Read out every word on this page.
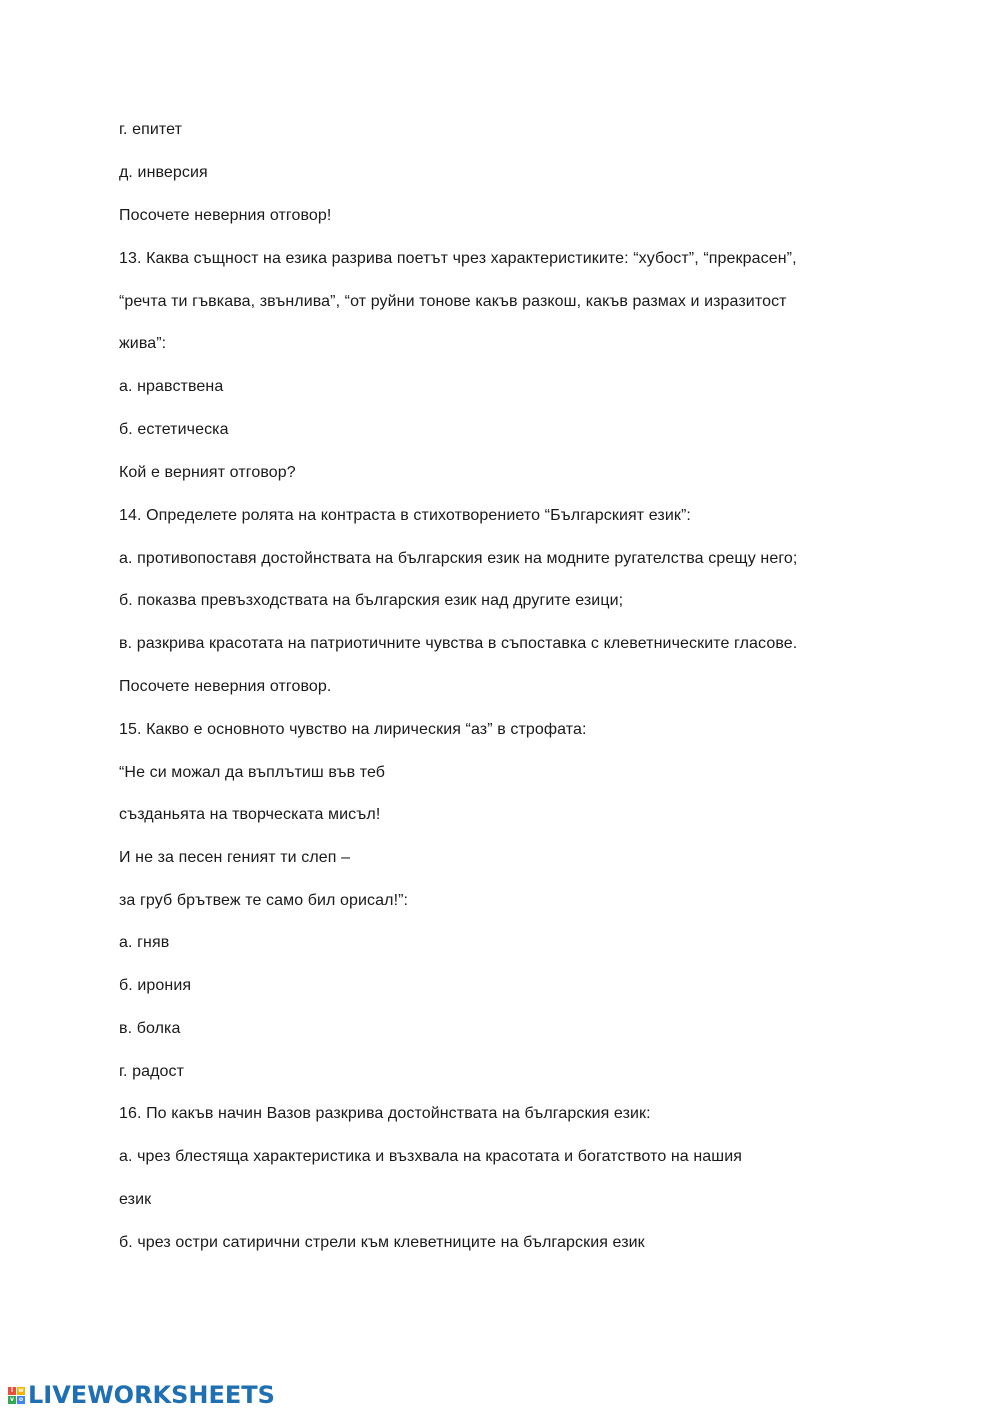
г. епитет
д. инверсия
Посочете неверния отговор!
13. Каква същност на езика разрива поетът чрез характеристиките: “хубост”, “прекрасен”,
“речта ти гъвкава, звънлива”, “от руйни тонове какъв разкош, какъв размах и изразитост
жива”:
а. нравствена
б. естетическа
Кой е верният отговор?
14. Определете ролята на контраста в стихотворението “Българският език”:
а. противопоставя достойнствата на българския език на модните ругателства срещу него;
б. показва превъзходствата на българския език над другите езици;
в. разкрива красотата на патриотичните чувства в съпоставка с клеветническите гласове.
Посочете неверния отговор.
15. Какво е основното чувство на лирическия “аз” в строфата:
“Не си можал да въплътиш във теб
създаньята на творческата мисъл!
И не за песен геният ти слеп –
за груб брътвеж те само бил орисал!”:
а. гняв
б. ирония
в. болка
г. радост
16. По какъв начин Вазов разкрива достойнствата на българския език:
а. чрез блестяща характеристика и възхвала на красотата и богатството на нашия
език
б. чрез остри сатирични стрели към клеветниците на българския език
l w
v o LIVEWORKSHEETS
